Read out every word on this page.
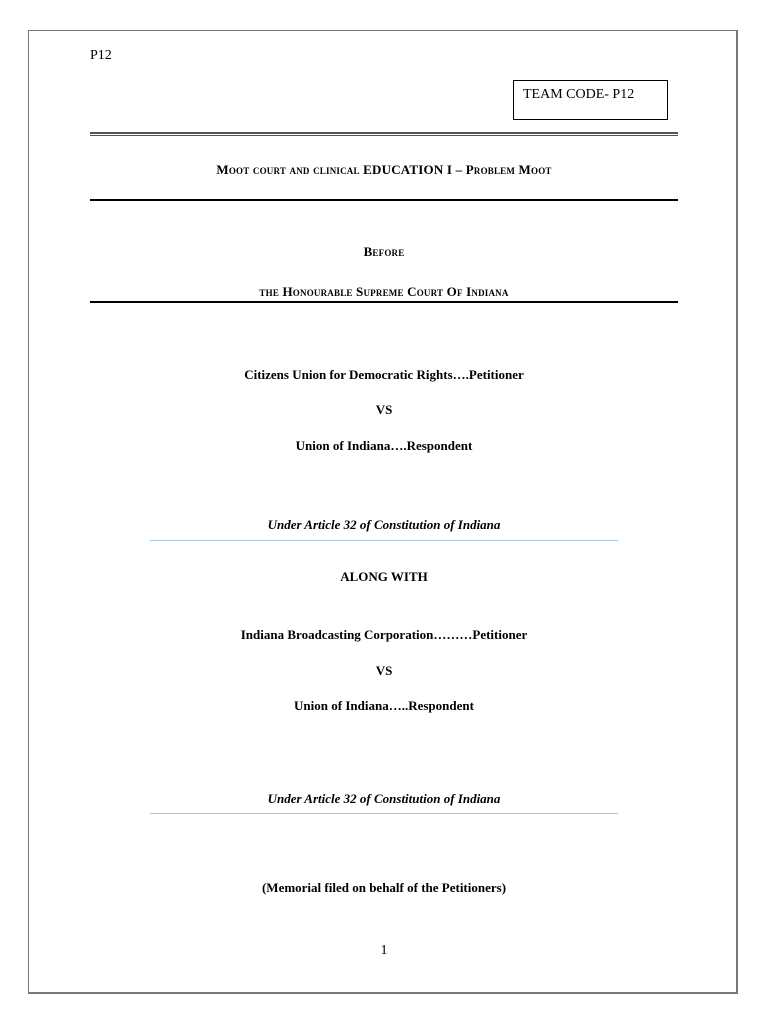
P12
TEAM CODE- P12
Moot court and clinical EDUCATION I – Problem Moot
Before
the Honourable Supreme Court Of Indiana
Citizens Union for Democratic Rights….Petitioner
VS
Union of Indiana….Respondent
Under Article 32 of Constitution of Indiana
ALONG WITH
Indiana Broadcasting Corporation………Petitioner
VS
Union of Indiana…..Respondent
Under Article 32 of Constitution of Indiana
(Memorial filed on behalf of the Petitioners)
1
